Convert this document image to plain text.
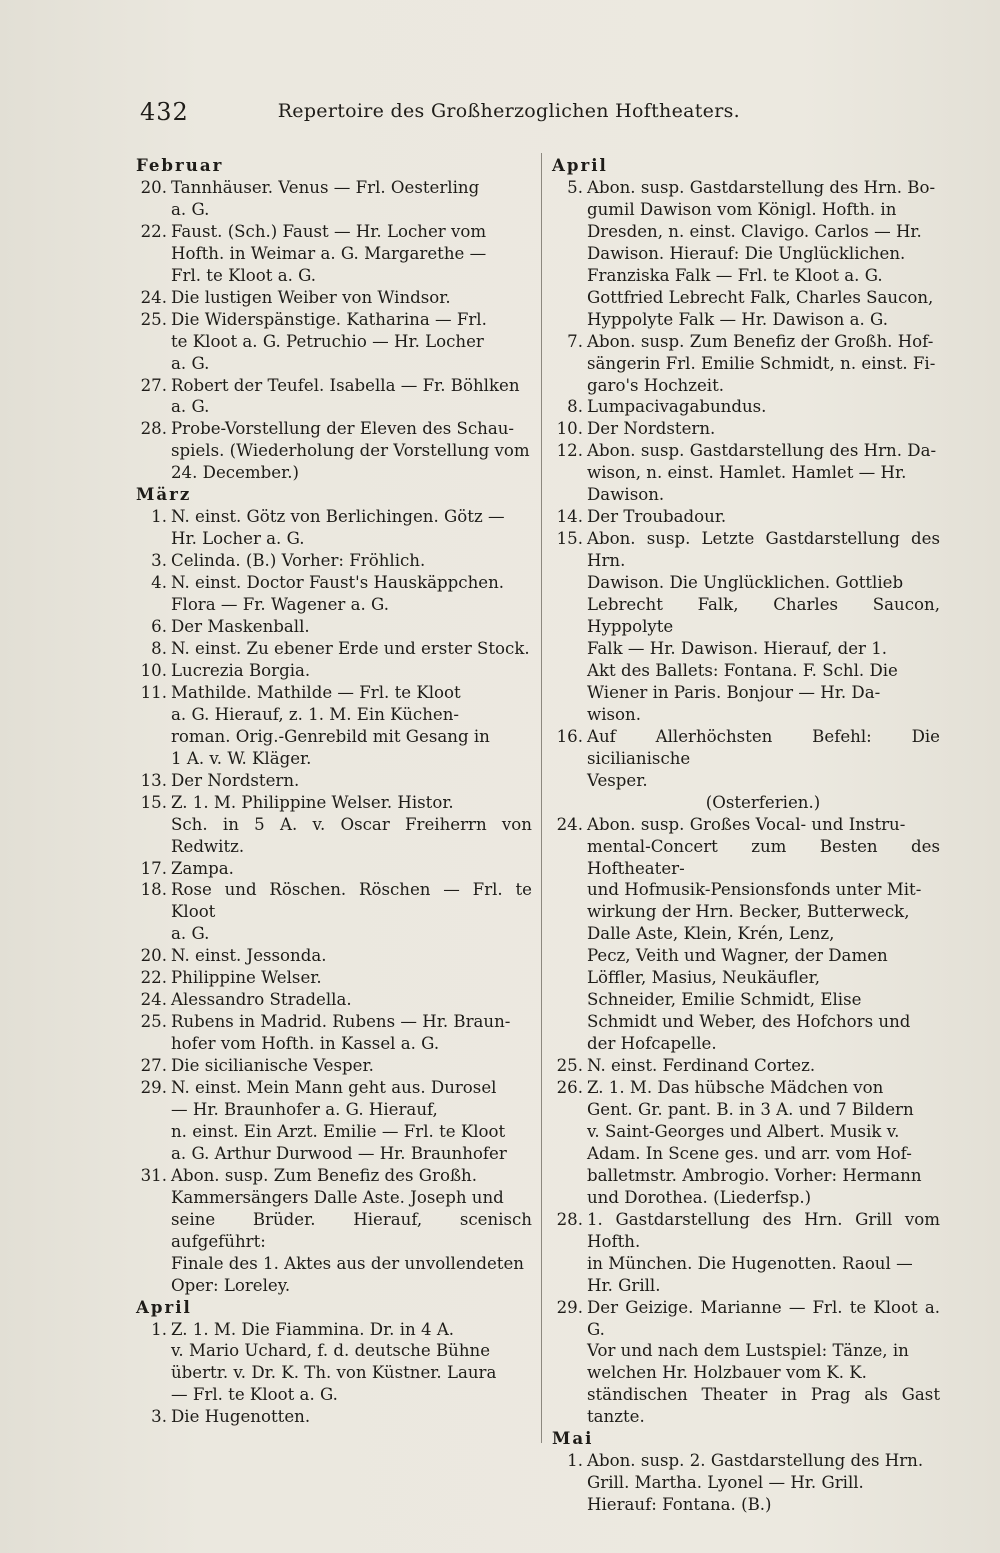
432	Repertoire des Großherzoglichen Hoftheaters.
Februar
20. Tannhäuser. Venus — Frl. Oesterling
a. G.
22. Faust. (Sch.) Faust — Hr. Locher vom
Hofth. in Weimar a. G. Margarethe —
Frl. te Kloot a. G.
24. Die lustigen Weiber von Windsor.
25. Die Widerspänstige. Katharina — Frl.
te Kloot a. G. Petruchio — Hr. Locher
a. G.
27. Robert der Teufel. Isabella — Fr. Böhlken
a. G.
28. Probe-Vorstellung der Eleven des Schau-
spiels. (Wiederholung der Vorstellung vom
24. December.)
März
1. N. einst. Götz von Berlichingen. Götz —
Hr. Locher a. G.
3. Celinda. (B.) Vorher: Fröhlich.
4. N. einst. Doctor Faust's Hauskäppchen.
Flora — Fr. Wagener a. G.
6. Der Maskenball.
8. N. einst. Zu ebener Erde und erster Stock.
10. Lucrezia Borgia.
11. Mathilde. Mathilde — Frl. te Kloot
a. G. Hierauf, z. 1. M. Ein Küchen-
roman. Orig.-Genrebild mit Gesang in
1 A. v. W. Kläger.
13. Der Nordstern.
15. Z. 1. M. Philippine Welser. Histor.
Sch. in 5 A. v. Oscar Freiherrn von Redwitz.
17. Zampa.
18. Rose und Röschen. Röschen — Frl. te Kloot
a. G.
20. N. einst. Jessonda.
22. Philippine Welser.
24. Alessandro Stradella.
25. Rubens in Madrid. Rubens — Hr. Braun-
hofer vom Hofth. in Kassel a. G.
27. Die sicilianische Vesper.
29. N. einst. Mein Mann geht aus. Durosel
— Hr. Braunhofer a. G. Hierauf,
n. einst. Ein Arzt. Emilie — Frl. te Kloot
a. G. Arthur Durwood — Hr. Braunhofer
31. Abon. susp. Zum Benefiz des Großh.
Kammersängers Dalle Aste. Joseph und
seine Brüder. Hierauf, scenisch aufgeführt:
Finale des 1. Aktes aus der unvollendeten
Oper: Loreley.
April
1. Z. 1. M. Die Fiammina. Dr. in 4 A.
v. Mario Uchard, f. d. deutsche Bühne
übertr. v. Dr. K. Th. von Küstner. Laura
— Frl. te Kloot a. G.
3. Die Hugenotten.
April
5. Abon. susp. Gastdarstellung des Hrn. Bo-
gumil Dawison vom Königl. Hofth. in
Dresden, n. einst. Clavigo. Carlos — Hr.
Dawison. Hierauf: Die Unglücklichen.
Franziska Falk — Frl. te Kloot a. G.
Gottfried Lebrecht Falk, Charles Saucon,
Hyppolyte Falk — Hr. Dawison a. G.
7. Abon. susp. Zum Benefiz der Großh. Hof-
sängerin Frl. Emilie Schmidt, n. einst. Fi-
garo's Hochzeit.
8. Lumpacivagabundus.
10. Der Nordstern.
12. Abon. susp. Gastdarstellung des Hrn. Da-
wison, n. einst. Hamlet. Hamlet — Hr.
Dawison.
14. Der Troubadour.
15. Abon. susp. Letzte Gastdarstellung des Hrn.
Dawison. Die Unglücklichen. Gottlieb
Lebrecht Falk, Charles Saucon, Hyppolyte
Falk — Hr. Dawison. Hierauf, der 1.
Akt des Ballets: Fontana. F. Schl. Die
Wiener in Paris. Bonjour — Hr. Da-
wison.
16. Auf Allerhöchsten Befehl: Die sicilianische
Vesper.
(Osterferien.)
24. Abon. susp. Großes Vocal- und Instru-
mental-Concert zum Besten des Hoftheater-
und Hofmusik-Pensionsfonds unter Mit-
wirkung der Hrn. Becker, Butterweck,
Dalle Aste, Klein, Krén, Lenz,
Pecz, Veith und Wagner, der Damen
Löffler, Masius, Neukäufler,
Schneider, Emilie Schmidt, Elise
Schmidt und Weber, des Hofchors und
der Hofcapelle.
25. N. einst. Ferdinand Cortez.
26. Z. 1. M. Das hübsche Mädchen von
Gent. Gr. pant. B. in 3 A. und 7 Bildern
v. Saint-Georges und Albert. Musik v.
Adam. In Scene ges. und arr. vom Hof-
balletmstr. Ambrogio. Vorher: Hermann
und Dorothea. (Liederfsp.)
28. 1. Gastdarstellung des Hrn. Grill vom Hofth.
in München. Die Hugenotten. Raoul —
Hr. Grill.
29. Der Geizige. Marianne — Frl. te Kloot a. G.
Vor und nach dem Lustspiel: Tänze, in
welchen Hr. Holzbauer vom K. K.
ständischen Theater in Prag als Gast tanzte.
Mai
1. Abon. susp. 2. Gastdarstellung des Hrn.
Grill. Martha. Lyonel — Hr. Grill.
Hierauf: Fontana. (B.)
